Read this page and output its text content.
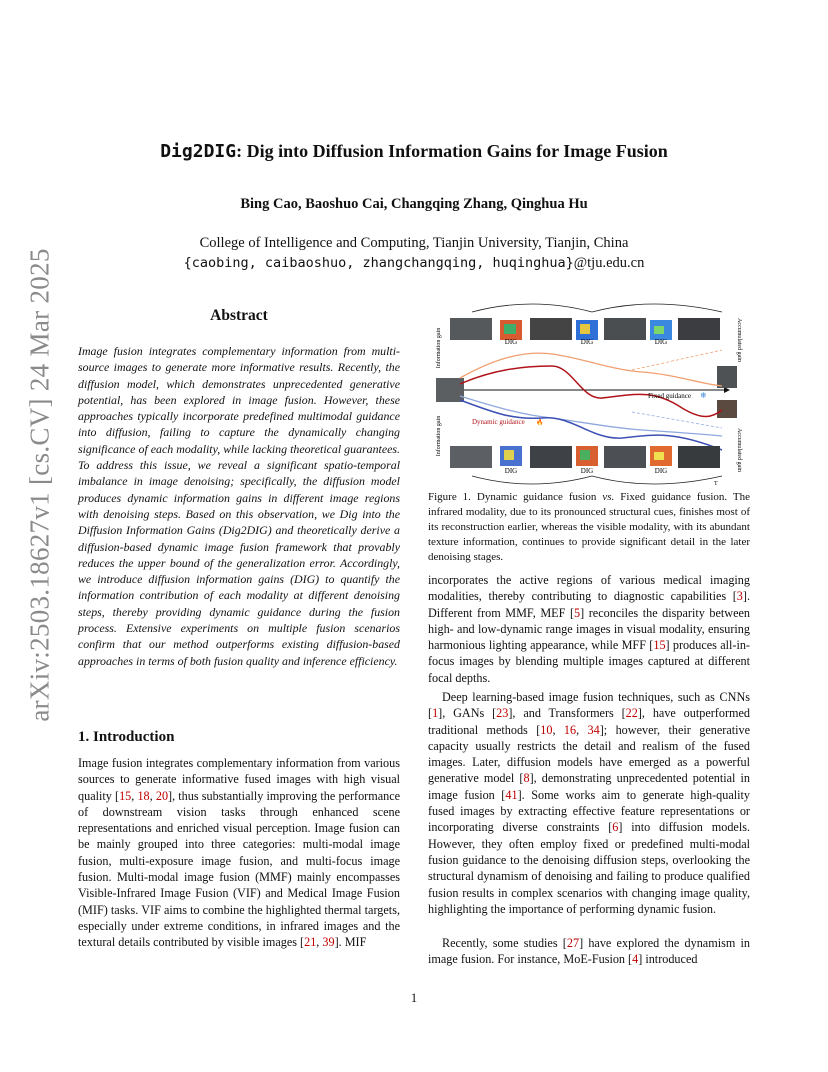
arXiv:2503.18627v1 [cs.CV] 24 Mar 2025
Dig2DIG: Dig into Diffusion Information Gains for Image Fusion
Bing Cao, Baoshuo Cai, Changqing Zhang, Qinghua Hu
College of Intelligence and Computing, Tianjin University, Tianjin, China
{caobing, caibaoshuo, zhangchangqing, huqinghua}@tju.edu.cn
Abstract
Image fusion integrates complementary information from multi-source images to generate more informative results. Recently, the diffusion model, which demonstrates unprecedented generative potential, has been explored in image fusion. However, these approaches typically incorporate predefined multimodal guidance into diffusion, failing to capture the dynamically changing significance of each modality, while lacking theoretical guarantees. To address this issue, we reveal a significant spatio-temporal imbalance in image denoising; specifically, the diffusion model produces dynamic information gains in different image regions with denoising steps. Based on this observation, we Dig into the Diffusion Information Gains (Dig2DIG) and theoretically derive a diffusion-based dynamic image fusion framework that provably reduces the upper bound of the generalization error. Accordingly, we introduce diffusion information gains (DIG) to quantify the information contribution of each modality at different denoising steps, thereby providing dynamic guidance during the fusion process. Extensive experiments on multiple fusion scenarios confirm that our method outperforms existing diffusion-based approaches in terms of both fusion quality and inference efficiency.
1. Introduction

Image fusion integrates complementary information from various sources to generate informative fused images with high visual quality [15, 18, 20], thus substantially improving the performance of downstream vision tasks through enhanced scene representations and enriched visual perception. Image fusion can be mainly grouped into three categories: multi-modal image fusion, multi-exposure image fusion, and multi-focus image fusion. Multi-modal image fusion (MMF) mainly encompasses Visible-Infrared Image Fusion (VIF) and Medical Image Fusion (MIF) tasks. VIF aims to combine the highlighted thermal targets, especially under extreme conditions, in infrared images and the textural details contributed by visible images [21, 39]. MIF

DIG	DIG	DIG
Information gain
Information gain
Accumulated gain
Accumulated gain
Fixed guidance ❄
Dynamic guidance 🔥
DIG	DIG	DIG
T
Figure 1. Dynamic guidance fusion vs. Fixed guidance fusion. The infrared modality, due to its pronounced structural cues, finishes most of its reconstruction earlier, whereas the visible modality, with its abundant texture information, continues to provide significant detail in the later denoising stages.
incorporates the active regions of various medical imaging modalities, thereby contributing to diagnostic capabilities [3]. Different from MMF, MEF [5] reconciles the disparity between high- and low-dynamic range images in visual modality, ensuring harmonious lighting appearance, while MFF [15] produces all-in-focus images by blending multiple images captured at different focal depths.
Deep learning-based image fusion techniques, such as CNNs [1], GANs [23], and Transformers [22], have outperformed traditional methods [10, 16, 34]; however, their generative capacity usually restricts the detail and realism of the fused images. Later, diffusion models have emerged as a powerful generative model [8], demonstrating unprecedented potential in image fusion [41]. Some works aim to generate high-quality fused images by extracting effective feature representations or incorporating diverse constraints [6] into diffusion models. However, they often employ fixed or predefined multi-modal fusion guidance to the denoising diffusion steps, overlooking the structural dynamism of denoising and failing to produce qualified fusion results in complex scenarios with changing image quality, highlighting the importance of performing dynamic fusion.
Recently, some studies [27] have explored the dynamism in image fusion. For instance, MoE-Fusion [4] introduced
1
